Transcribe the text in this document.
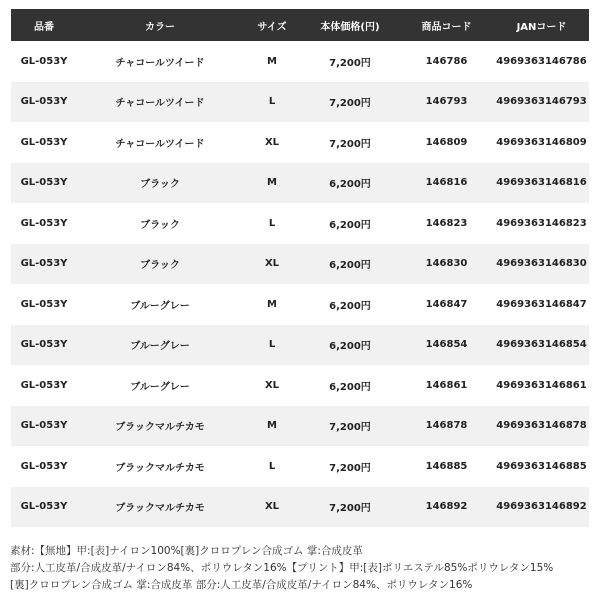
品番	カラー	サイズ	本体価格(円)	商品コード	JANコード
GL-053Y	チャコールツイード	M	7,200円	146786	4969363146786
GL-053Y	チャコールツイード	L	7,200円	146793	4969363146793
GL-053Y	チャコールツイード	XL	7,200円	146809	4969363146809
GL-053Y	ブラック	M	6,200円	146816	4969363146816
GL-053Y	ブラック	L	6,200円	146823	4969363146823
GL-053Y	ブラック	XL	6,200円	146830	4969363146830
GL-053Y	ブルーグレー	M	6,200円	146847	4969363146847
GL-053Y	ブルーグレー	L	6,200円	146854	4969363146854
GL-053Y	ブルーグレー	XL	6,200円	146861	4969363146861
GL-053Y	ブラックマルチカモ	M	7,200円	146878	4969363146878
GL-053Y	ブラックマルチカモ	L	7,200円	146885	4969363146885
GL-053Y	ブラックマルチカモ	XL	7,200円	146892	4969363146892
素材:【無地】甲:[表]ナイロン100%[裏]クロロプレン合成ゴム 掌:合成皮革
部分:人工皮革/合成皮革/ナイロン84%、ポリウレタン16%【プリント】甲:[表]ポリエステル85%ポリウレタン15%
[裏]クロロプレン合成ゴム 掌:合成皮革 部分:人工皮革/合成皮革/ナイロン84%、ポリウレタン16%
